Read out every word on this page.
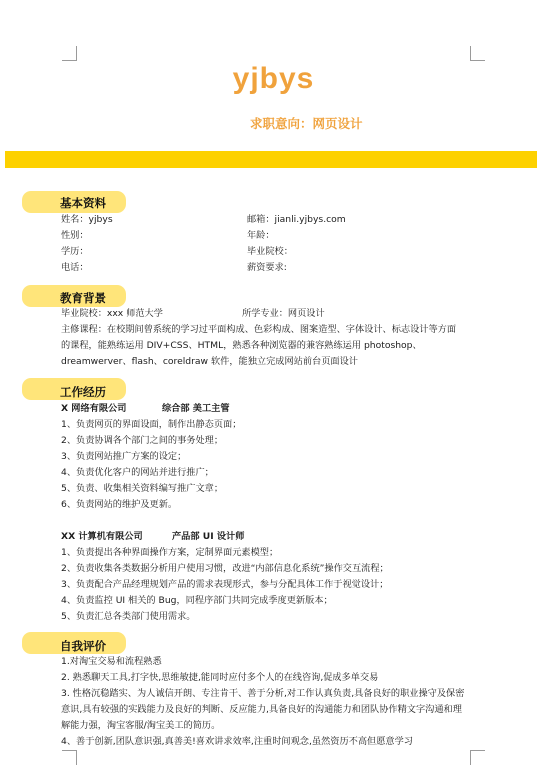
yjbys
求职意向：网页设计
基本资料
姓名：yjbys	邮箱：jianli.yjbys.com
性别：	年龄：
学历：	毕业院校：
电话：	薪资要求:
教育背景
毕业院校：xxx 师范大学	所学专业：网页设计
主修课程：在校期间曾系统的学习过平面构成、色彩构成、图案造型、字体设计、标志设计等方面
的课程，能熟练运用 DIV+CSS、HTML，熟悉各种浏览器的兼容熟练运用 photoshop、
dreamwerver、flash、coreldraw 软件，能独立完成网站前台页面设计
工作经历
X 网络有限公司	综合部 美工主管
1、负责网页的界面设面，制作出静态页面；
2、负责协调各个部门之间的事务处理；
3、负责网站推广方案的设定；
4、负责优化客户的网站并进行推广；
5、负责、收集相关资料编写推广文章；
6、负责网站的维护及更新。
XX 计算机有限公司	产品部 UI 设计师
1、负责提出各种界面操作方案，定制界面元素模型；
2、负责收集各类数据分析用户使用习惯，改进“内部信息化系统”操作交互流程；
3、负责配合产品经理规划产品的需求表现形式，参与分配具体工作于视觉设计；
4、负责监控 UI 相关的 Bug，同程序部门共同完成季度更新版本；
5、负责汇总各类部门使用需求。
自我评价
1.对淘宝交易和流程熟悉
2. 熟悉聊天工具,打字快,思维敏捷,能同时应付多个人的在线咨询,促成多单交易
3. 性格沉稳踏实、为人诚信开朗、专注肯干、善于分析,对工作认真负责,具备良好的职业操守及保密
意识,具有较强的实践能力及良好的判断、反应能力,具备良好的沟通能力和团队协作精文字沟通和理
解能力强，淘宝客服/淘宝美工的简历。
4、善于创新,团队意识强,真善美!喜欢讲求效率,注重时间观念,虽然资历不高但愿意学习
